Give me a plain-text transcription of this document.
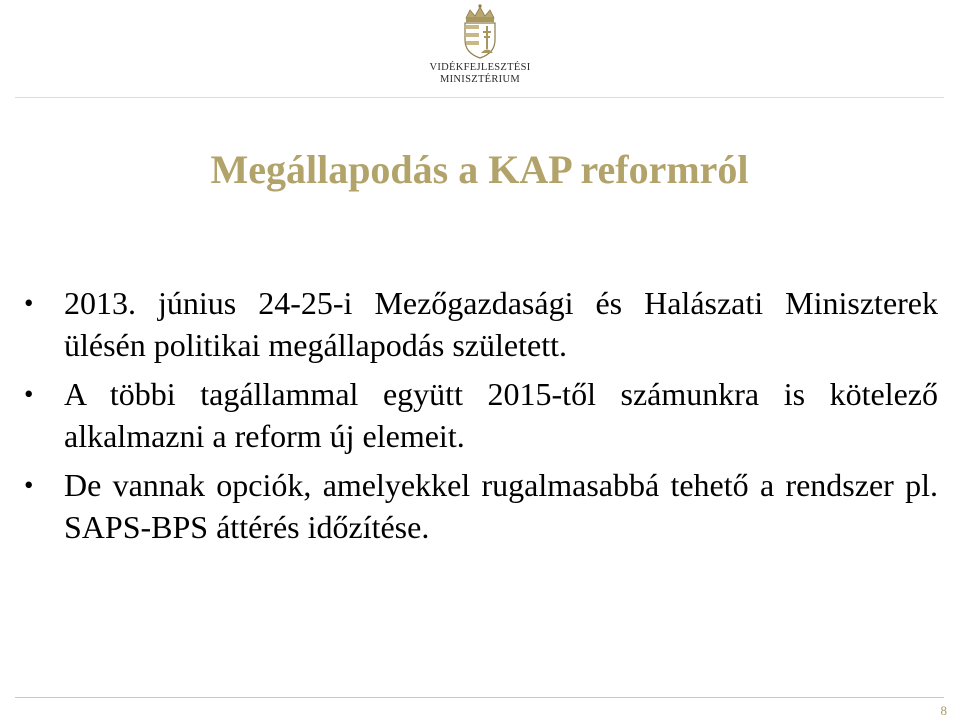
VIDÉKFEJLESZTÉSI
MINISZTÉRIUM
Megállapodás a KAP reformról
• 2013. június 24-25-i Mezőgazdasági és Halászati Miniszterek ülésén politikai megállapodás született.
• A többi tagállammal együtt 2015-től számunkra is kötelező alkalmazni a reform új elemeit.
• De vannak opciók, amelyekkel rugalmasabbá tehető a rendszer pl. SAPS-BPS áttérés időzítése.
8
